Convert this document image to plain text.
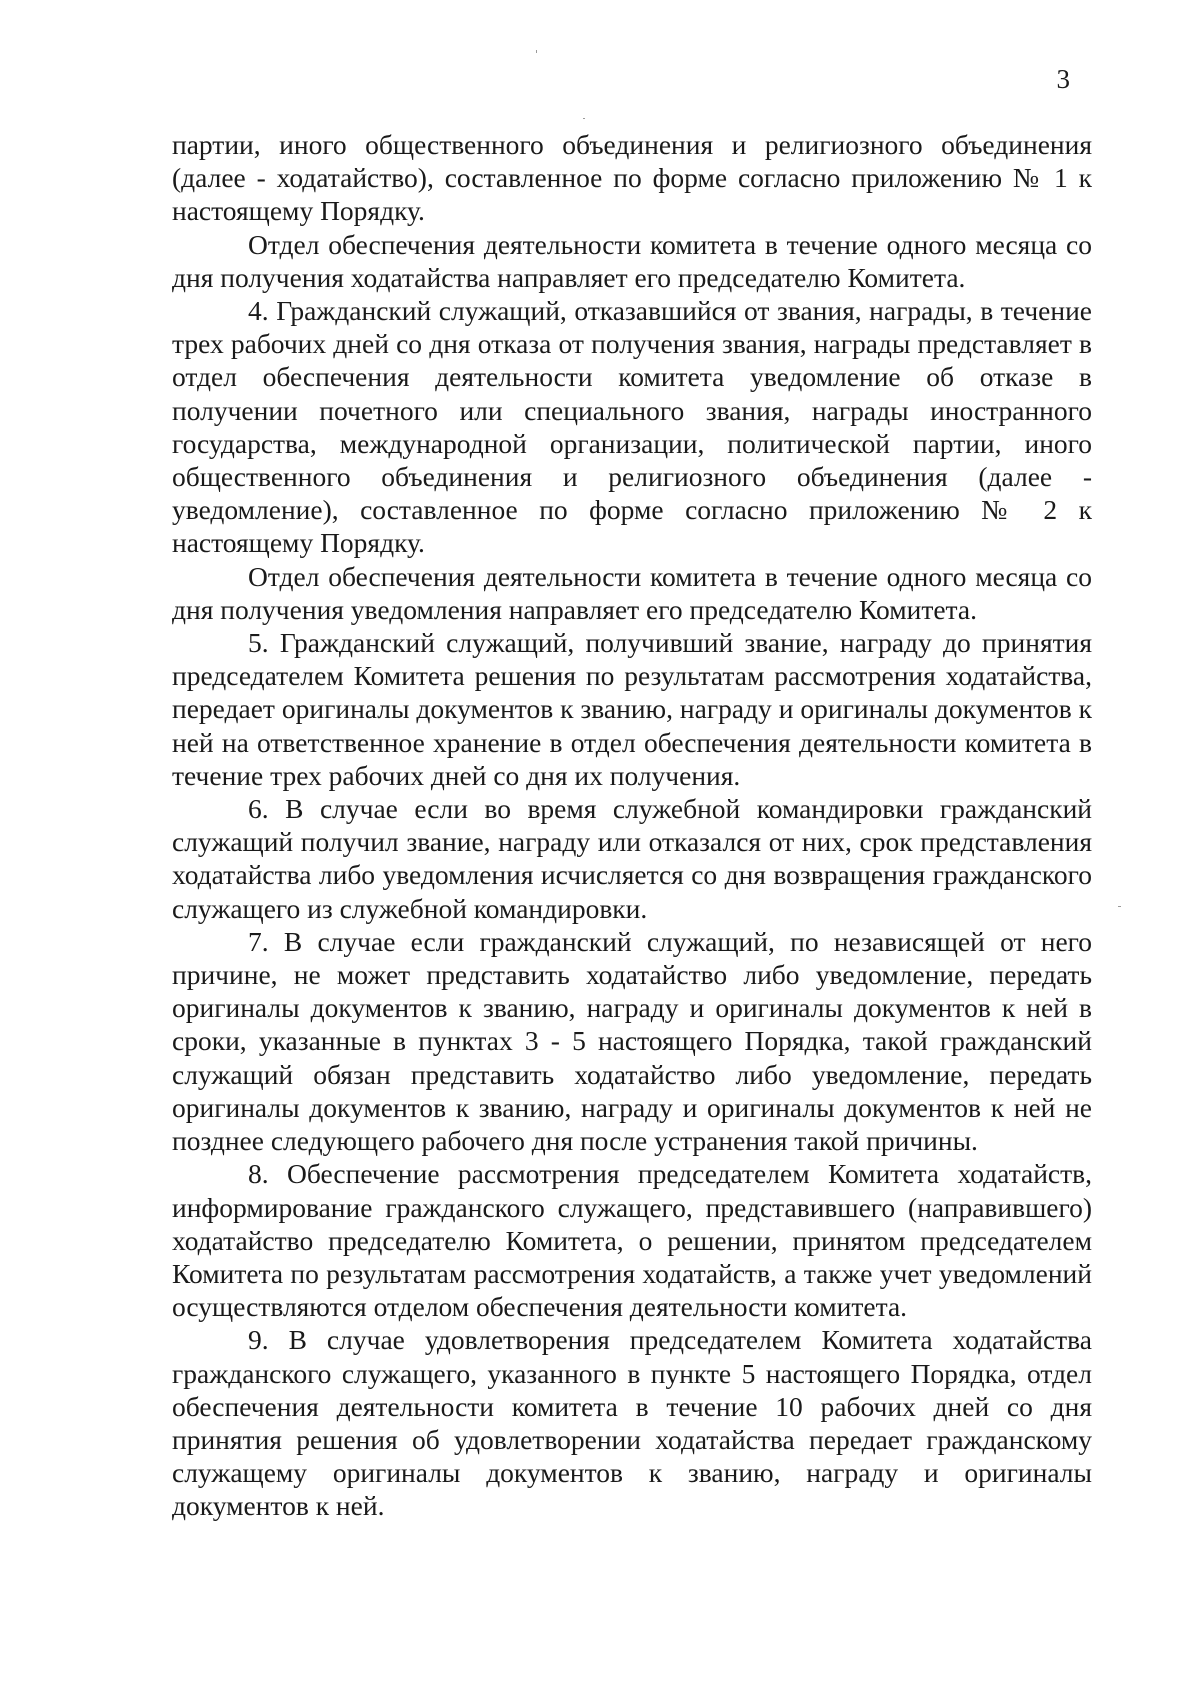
3

партии, иного общественного объединения и религиозного объединения (далее - ходатайство), составленное по форме согласно приложению № 1 к настоящему Порядку.

Отдел обеспечения деятельности комитета в течение одного месяца со дня получения ходатайства направляет его председателю Комитета.

4. Гражданский служащий, отказавшийся от звания, награды, в течение трех рабочих дней со дня отказа от получения звания, награды представляет в отдел обеспечения деятельности комитета уведомление об отказе в получении почетного или специального звания, награды иностранного государства, международной организации, политической партии, иного общественного объединения и религиозного объединения (далее - уведомление), составленное по форме согласно приложению № 2 к настоящему Порядку.

Отдел обеспечения деятельности комитета в течение одного месяца со дня получения уведомления направляет его председателю Комитета.

5. Гражданский служащий, получивший звание, награду до принятия председателем Комитета решения по результатам рассмотрения ходатайства, передает оригиналы документов к званию, награду и оригиналы документов к ней на ответственное хранение в отдел обеспечения деятельности комитета в течение трех рабочих дней со дня их получения.

6. В случае если во время служебной командировки гражданский служащий получил звание, награду или отказался от них, срок представления ходатайства либо уведомления исчисляется со дня возвращения гражданского служащего из служебной командировки.

7. В случае если гражданский служащий, по независящей от него причине, не может представить ходатайство либо уведомление, передать оригиналы документов к званию, награду и оригиналы документов к ней в сроки, указанные в пунктах 3 - 5 настоящего Порядка, такой гражданский служащий обязан представить ходатайство либо уведомление, передать оригиналы документов к званию, награду и оригиналы документов к ней не позднее следующего рабочего дня после устранения такой причины.

8. Обеспечение рассмотрения председателем Комитета ходатайств, информирование гражданского служащего, представившего (направившего) ходатайство председателю Комитета, о решении, принятом председателем Комитета по результатам рассмотрения ходатайств, а также учет уведомлений осуществляются отделом обеспечения деятельности комитета.

9. В случае удовлетворения председателем Комитета ходатайства гражданского служащего, указанного в пункте 5 настоящего Порядка, отдел обеспечения деятельности комитета в течение 10 рабочих дней со дня принятия решения об удовлетворении ходатайства передает гражданскому служащему оригиналы документов к званию, награду и оригиналы документов к ней.
